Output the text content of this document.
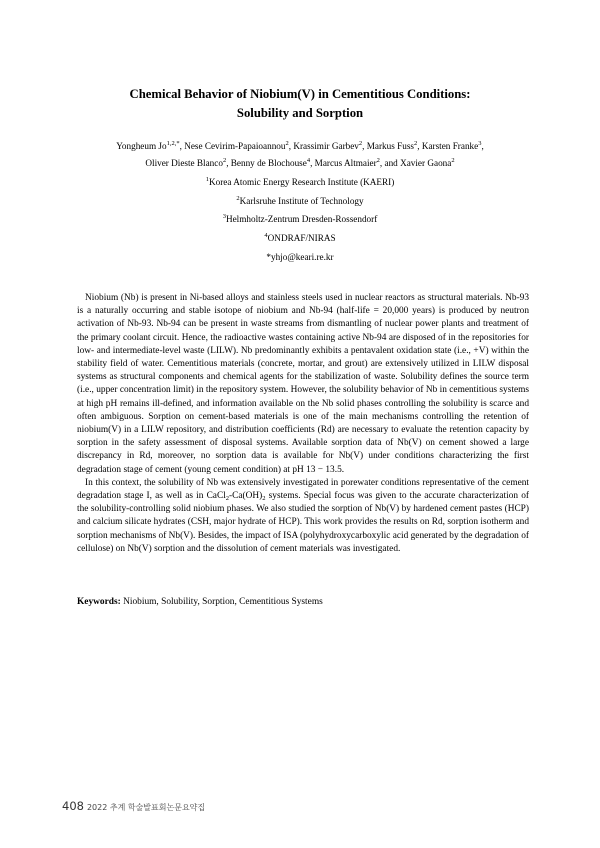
Chemical Behavior of Niobium(V) in Cementitious Conditions:
Solubility and Sorption
Yongheum $Jo^{1,2,*}$, Nese Cevirim-Papaioannou$^2$, Krassimir Garbev$^2$, Markus Fuss$^2$, Karsten Franke$^3$,
Oliver Dieste Blanco$^2$, Benny de Blochouse$^4$, Marcus Altmaier$^2$, and Xavier Gaona$^2$
$^1$Korea Atomic Energy Research Institute (KAERI)
$^2$Karlsruhe Institute of Technology
$^3$Helmholtz-Zentrum Dresden-Rossendorf
$^4$ONDRAF/NIRAS
*yhjo@keari.re.kr

Niobium (Nb) is present in Ni-based alloys and stainless steels used in nuclear reactors as structural materials. Nb-93 is a naturally occurring and stable isotope of niobium and Nb-94 (half-life = 20,000 years) is produced by neutron activation of Nb-93. Nb-94 can be present in waste streams from dismantling of nuclear power plants and treatment of the primary coolant circuit. Hence, the radioactive wastes containing active Nb-94 are disposed of in the repositories for low- and intermediate-level waste (LILW). Nb predominantly exhibits a pentavalent oxidation state (i.e., +V) within the stability field of water. Cementitious materials (concrete, mortar, and grout) are extensively utilized in LILW disposal systems as structural components and chemical agents for the stabilization of waste. Solubility defines the source term (i.e., upper concentration limit) in the repository system. However, the solubility behavior of Nb in cementitious systems at high pH remains ill-defined, and information available on the Nb solid phases controlling the solubility is scarce and often ambiguous. Sorption on cement-based materials is one of the main mechanisms controlling the retention of niobium(V) in a LILW repository, and distribution coefficients (Rd) are necessary to evaluate the retention capacity by sorption in the safety assessment of disposal systems. Available sorption data of Nb(V) on cement showed a large discrepancy in Rd, moreover, no sorption data is available for Nb(V) under conditions characterizing the first degradation stage of cement (young cement condition) at pH 13 − 13.5.

In this context, the solubility of Nb was extensively investigated in porewater conditions representative of the cement degradation stage I, as well as in $CaCl_2-Ca(OH)_2$ systems. Special focus was given to the accurate characterization of the solubility-controlling solid niobium phases. We also studied the sorption of Nb(V) by hardened cement pastes (HCP) and calcium silicate hydrates (CSH, major hydrate of HCP). This work provides the results on Rd, sorption isotherm and sorption mechanisms of Nb(V). Besides, the impact of ISA (polyhydroxycarboxylic acid generated by the degradation of cellulose) on Nb(V) sorption and the dissolution of cement materials was investigated.

Keywords: Niobium, Solubility, Sorption, Cementitious Systems
408 2022 추계 학술발표회논문요약집
